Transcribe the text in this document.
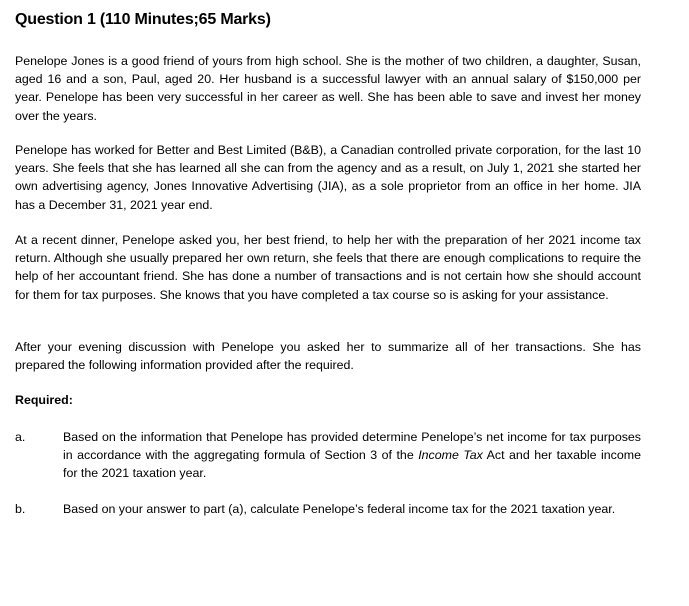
Question 1 (110 Minutes;65 Marks)

Penelope Jones is a good friend of yours from high school. She is the mother of two children, a daughter, Susan, aged 16 and a son, Paul, aged 20. Her husband is a successful lawyer with an annual salary of $150,000 per year. Penelope has been very successful in her career as well. She has been able to save and invest her money over the years.

Penelope has worked for Better and Best Limited (B&B), a Canadian controlled private corporation, for the last 10 years. She feels that she has learned all she can from the agency and as a result, on July 1, 2021 she started her own advertising agency, Jones Innovative Advertising (JIA), as a sole proprietor from an office in her home. JIA has a December 31, 2021 year end.

At a recent dinner, Penelope asked you, her best friend, to help her with the preparation of her 2021 income tax return. Although she usually prepared her own return, she feels that there are enough complications to require the help of her accountant friend. She has done a number of transactions and is not certain how she should account for them for tax purposes. She knows that you have completed a tax course so is asking for your assistance.

After your evening discussion with Penelope you asked her to summarize all of her transactions. She has prepared the following information provided after the required.

Required:
a.	Based on the information that Penelope has provided determine Penelope’s net income for tax purposes in accordance with the aggregating formula of Section 3 of the Income Tax Act and her taxable income for the 2021 taxation year.
b.	Based on your answer to part (a), calculate Penelope’s federal income tax for the 2021 taxation year.
